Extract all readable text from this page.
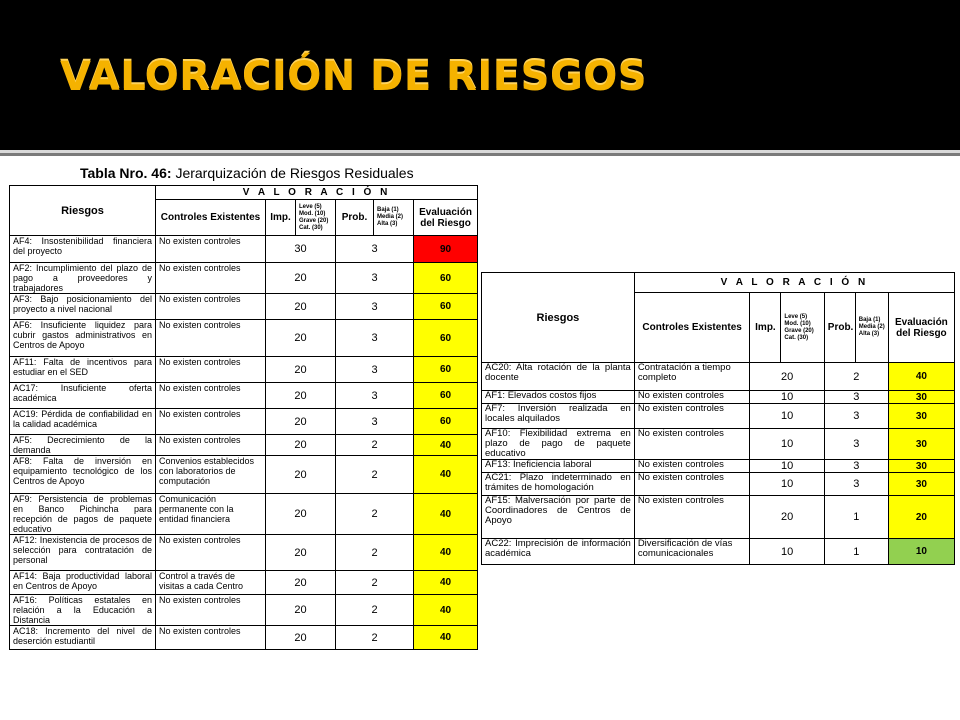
VALORACIÓN DE RIESGOS
Tabla Nro. 46: Jerarquización de Riesgos Residuales
Riesgos	V A L O R A C I Ó N					
	Controles Existentes	Imp.	Leve (5) Mod. (10) Grave (20) Cat. (30)	Prob.	Baja (1) Media (2) Alta (3)	Evaluación del Riesgo
AF4: Insostenibilidad financiera del proyecto	No existen controles	30		3		90
AF2: Incumplimiento del plazo de pago a proveedores y trabajadores	No existen controles	20		3		60
AF3: Bajo posicionamiento del proyecto a nivel nacional	No existen controles	20		3		60
AF6: Insuficiente liquidez para cubrir gastos administrativos en Centros de Apoyo	No existen controles	20		3		60
AF11: Falta de incentivos para estudiar en el SED	No existen controles	20		3		60
AC17: Insuficiente oferta académica	No existen controles	20		3		60
AC19: Pérdida de confiabilidad en la calidad académica	No existen controles	20		3		60
AF5: Decrecimiento de la demanda	No existen controles	20		2		40
AF8: Falta de inversión en equipamiento tecnológico de los Centros de Apoyo	Convenios establecidos con laboratorios de computación	20		2		40
AF9: Persistencia de problemas en Banco Pichincha para recepción de pagos de paquete educativo	Comunicación permanente con la entidad financiera	20		2		40
AF12: Inexistencia de procesos de selección para contratación de personal	No existen controles	20		2		40
AF14: Baja productividad laboral en Centros de Apoyo	Control a través de visitas a cada Centro	20		2		40
AF16: Políticas estatales en relación a la Educación a Distancia	No existen controles	20		2		40
AC18: Incremento del nivel de deserción estudiantil	No existen controles	20		2		40
Riesgos	V A L O R A C I Ó N					
	Controles Existentes	Imp.	Leve (5) Mod. (10) Grave (20) Cat. (30)	Prob.	Baja (1) Media (2) Alta (3)	Evaluación del Riesgo
AC20: Alta rotación de la planta docente	Contratación a tiempo completo	20		2		40
AF1: Elevados costos fijos	No existen controles	10		3		30
AF7: Inversión realizada en locales alquilados	No existen controles	10		3		30
AF10: Flexibilidad extrema en plazo de pago de paquete educativo	No existen controles	10		3		30
AF13: Ineficiencia laboral	No existen controles	10		3		30
AC21: Plazo indeterminado en trámites de homologación	No existen controles	10		3		30
AF15: Malversación por parte de Coordinadores de Centros de Apoyo	No existen controles	20		1		20
AC22: Imprecisión de información académica	Diversificación de vías comunicacionales	10		1		10
